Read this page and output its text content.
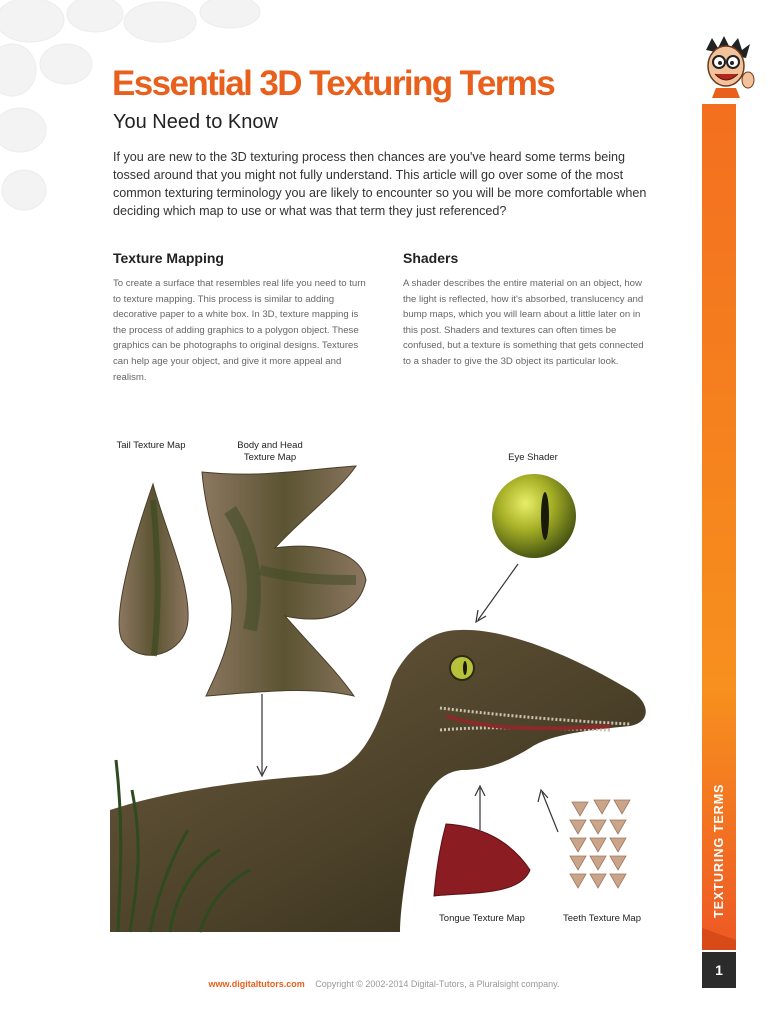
Essential 3D Texturing Terms
You Need to Know

If you are new to the 3D texturing process then chances are you've heard some terms being tossed around that you might not fully understand. This article will go over some of the most common texturing terminology you are likely to encounter so you will be more comfortable when deciding which map to use or what was that term they just referenced?

Texture Mapping

To create a surface that resembles real life you need to turn to texture mapping. This process is similar to adding decorative paper to a white box. In 3D, texture mapping is the process of adding graphics to a polygon object. These graphics can be photographs to original designs. Textures can help age your object, and give it more appeal and realism.

Shaders

A shader describes the entire material on an object, how the light is reflected, how it's absorbed, translucency and bump maps, which you will learn about a little later on in this post. Shaders and textures can often times be confused, but a texture is something that gets connected to a shader to give the 3D object its particular look.

Tail Texture Map	Body and Head Texture Map	Eye Shader
Tongue Texture Map	Teeth Texture Map
TEXTURING TERMS
1
www.digitaltutors.com Copyright © 2002-2014 Digital-Tutors, a Pluralsight company.
